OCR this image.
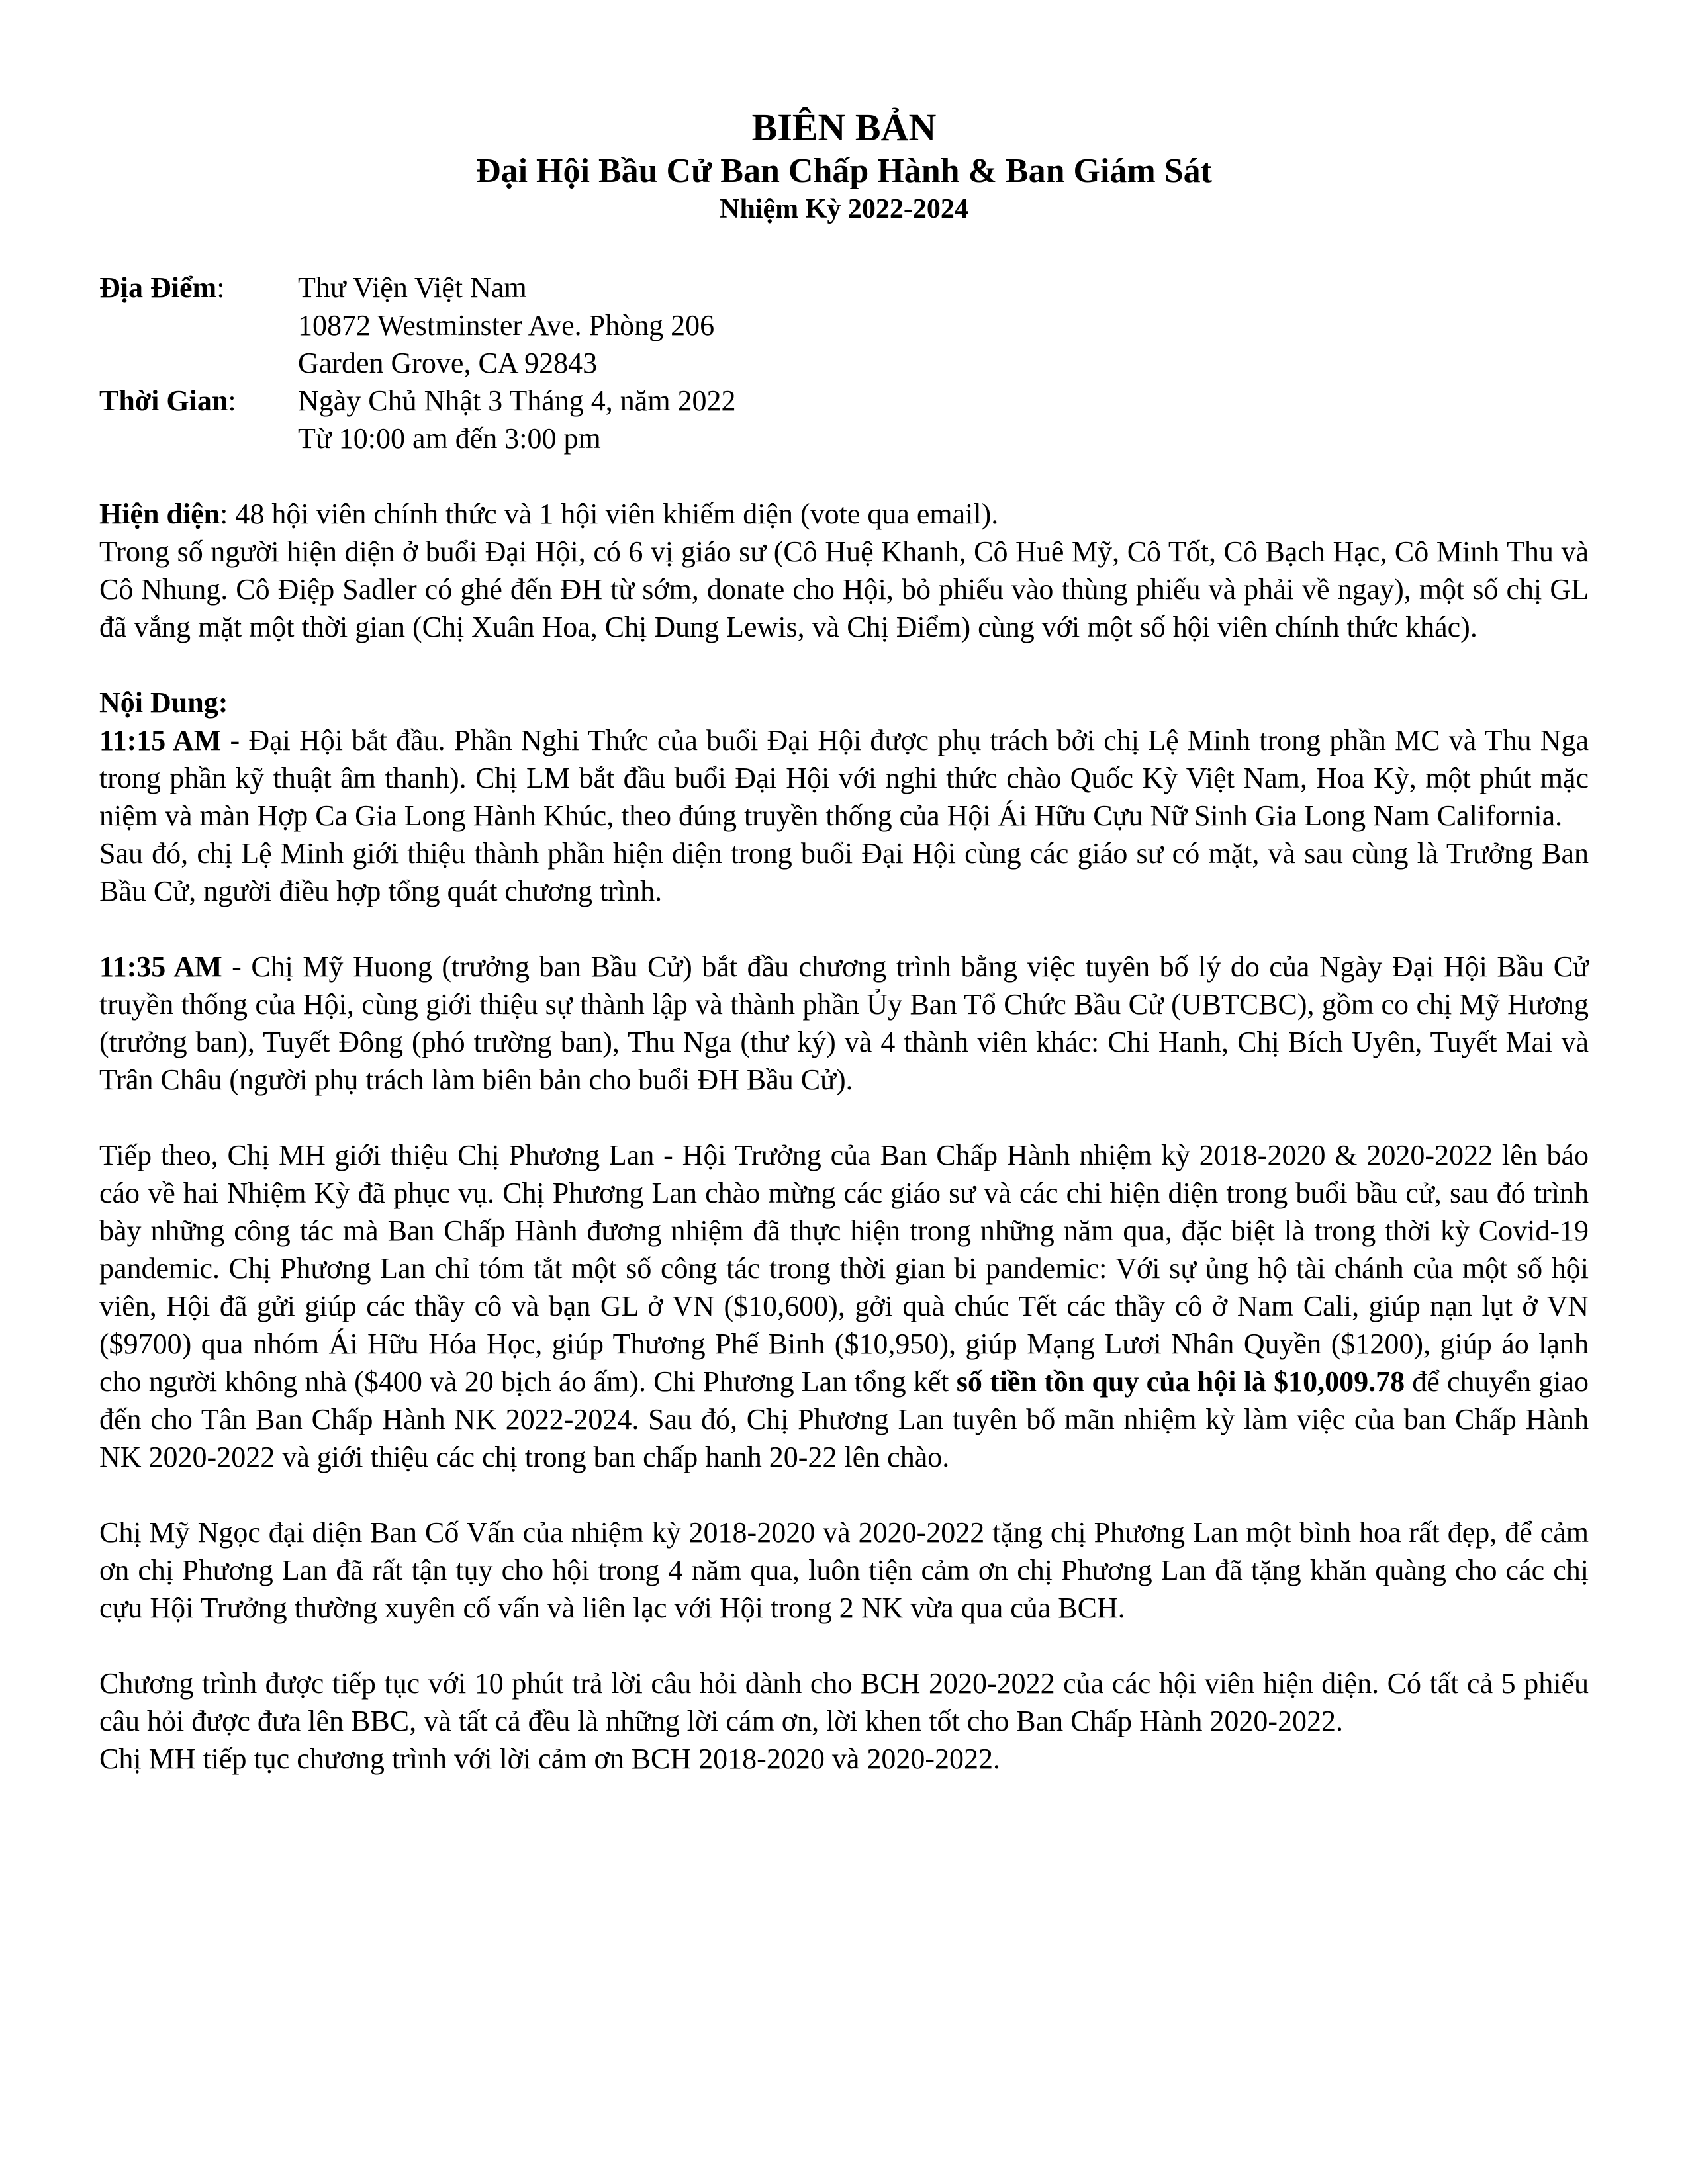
BIÊN BẢN
Đại Hội Bầu Cử Ban Chấp Hành & Ban Giám Sát
Nhiệm Kỳ 2022-2024
Địa Điểm:	Thư Viện Việt Nam
10872 Westminster Ave. Phòng 206
Garden Grove, CA 92843
Thời Gian:	Ngày Chủ Nhật 3 Tháng 4, năm 2022
Từ 10:00 am đến 3:00 pm

Hiện diện: 48 hội viên chính thức và 1 hội viên khiếm diện (vote qua email).

Trong số người hiện diện ở buổi Đại Hội, có 6 vị giáo sư (Cô Huệ Khanh, Cô Huê Mỹ, Cô Tốt, Cô Bạch Hạc, Cô Minh Thu và Cô Nhung. Cô Điệp Sadler có ghé đến ĐH từ sớm, donate cho Hội, bỏ phiếu vào thùng phiếu và phải về ngay), một số chị GL đã vắng mặt một thời gian (Chị Xuân Hoa, Chị Dung Lewis, và Chị Điểm) cùng với một số hội viên chính thức khác).

Nội Dung:

11:15 AM - Đại Hội bắt đầu. Phần Nghi Thức của buổi Đại Hội được phụ trách bởi chị Lệ Minh trong phần MC và Thu Nga trong phần kỹ thuật âm thanh). Chị LM bắt đầu buổi Đại Hội với nghi thức chào Quốc Kỳ Việt Nam, Hoa Kỳ, một phút mặc niệm và màn Hợp Ca Gia Long Hành Khúc, theo đúng truyền thống của Hội Ái Hữu Cựu Nữ Sinh Gia Long Nam California.

Sau đó, chị Lệ Minh giới thiệu thành phần hiện diện trong buổi Đại Hội cùng các giáo sư có mặt, và sau cùng là Trưởng Ban Bầu Cử, người điều hợp tổng quát chương trình.

11:35 AM - Chị Mỹ Huong (trưởng ban Bầu Cử) bắt đầu chương trình bằng việc tuyên bố lý do của Ngày Đại Hội Bầu Cử truyền thống của Hội, cùng giới thiệu sự thành lập và thành phần Ủy Ban Tổ Chức Bầu Cử (UBTCBC), gồm co chị Mỹ Hương (trưởng ban), Tuyết Đông (phó trường ban), Thu Nga (thư ký) và 4 thành viên khác: Chi Hanh, Chị Bích Uyên, Tuyết Mai và Trân Châu (người phụ trách làm biên bản cho buổi ĐH Bầu Cử).

Tiếp theo, Chị MH giới thiệu Chị Phương Lan - Hội Trưởng của Ban Chấp Hành nhiệm kỳ 2018-2020 & 2020-2022 lên báo cáo về hai Nhiệm Kỳ đã phục vụ. Chị Phương Lan chào mừng các giáo sư và các chi hiện diện trong buổi bầu cử, sau đó trình bày những công tác mà Ban Chấp Hành đương nhiệm đã thực hiện trong những năm qua, đặc biệt là trong thời kỳ Covid-19 pandemic. Chị Phương Lan chỉ tóm tắt một số công tác trong thời gian bi pandemic: Với sự ủng hộ tài chánh của một số hội viên, Hội đã gửi giúp các thầy cô và bạn GL ở VN ($10,600), gởi quà chúc Tết các thầy cô ở Nam Cali, giúp nạn lụt ở VN ($9700) qua nhóm Ái Hữu Hóa Học, giúp Thương Phế Binh ($10,950), giúp Mạng Lươi Nhân Quyền ($1200), giúp áo lạnh cho người không nhà ($400 và 20 bịch áo ấm). Chi Phương Lan tổng kết số tiền tồn quy của hội là $10,009.78 để chuyển giao đến cho Tân Ban Chấp Hành NK 2022-2024. Sau đó, Chị Phương Lan tuyên bố mãn nhiệm kỳ làm việc của ban Chấp Hành NK 2020-2022 và giới thiệu các chị trong ban chấp hanh 20-22 lên chào.

Chị Mỹ Ngọc đại diện Ban Cố Vấn của nhiệm kỳ 2018-2020 và 2020-2022 tặng chị Phương Lan một bình hoa rất đẹp, để cảm ơn chị Phương Lan đã rất tận tụy cho hội trong 4 năm qua, luôn tiện cảm ơn chị Phương Lan đã tặng khăn quàng cho các chị cựu Hội Trưởng thường xuyên cố vấn và liên lạc với Hội trong 2 NK vừa qua của BCH.

Chương trình được tiếp tục với 10 phút trả lời câu hỏi dành cho BCH 2020-2022 của các hội viên hiện diện. Có tất cả 5 phiếu câu hỏi được đưa lên BBC, và tất cả đều là những lời cám ơn, lời khen tốt cho Ban Chấp Hành 2020-2022.

Chị MH tiếp tục chương trình với lời cảm ơn BCH 2018-2020 và 2020-2022.
